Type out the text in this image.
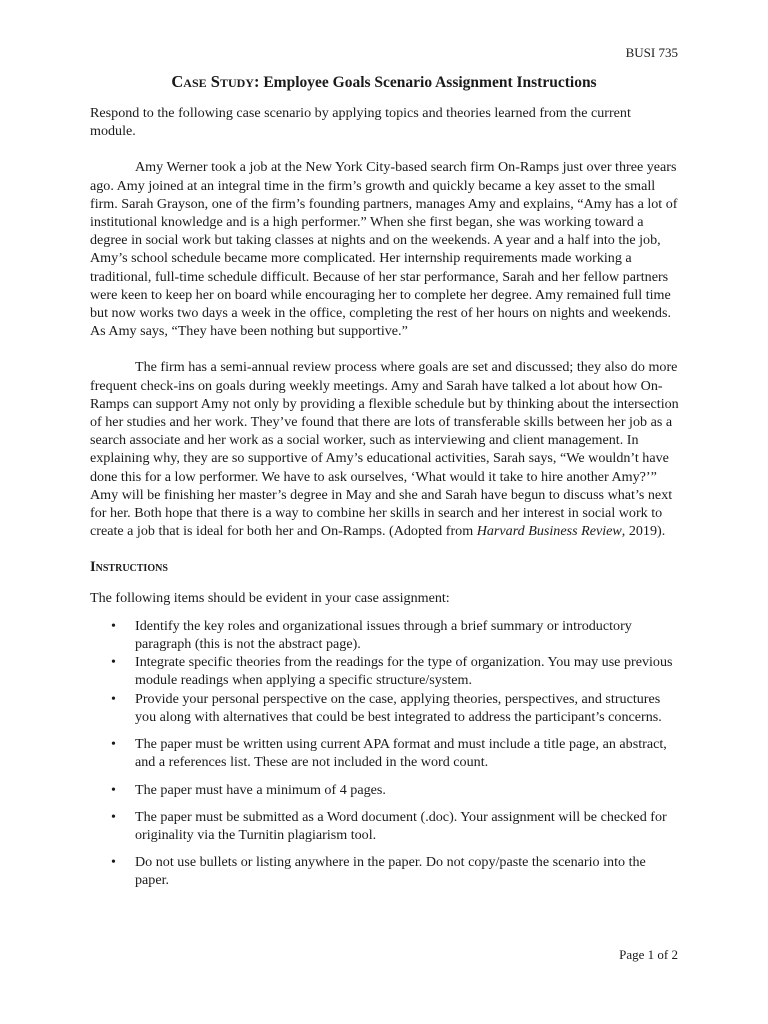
BUSI 735
Case Study: Employee Goals Scenario Assignment Instructions

Respond to the following case scenario by applying topics and theories learned from the current module.

Amy Werner took a job at the New York City-based search firm On-Ramps just over three years ago. Amy joined at an integral time in the firm’s growth and quickly became a key asset to the small firm. Sarah Grayson, one of the firm’s founding partners, manages Amy and explains, “Amy has a lot of institutional knowledge and is a high performer.” When she first began, she was working toward a degree in social work but taking classes at nights and on the weekends. A year and a half into the job, Amy’s school schedule became more complicated. Her internship requirements made working a traditional, full-time schedule difficult. Because of her star performance, Sarah and her fellow partners were keen to keep her on board while encouraging her to complete her degree. Amy remained full time but now works two days a week in the office, completing the rest of her hours on nights and weekends. As Amy says, “They have been nothing but supportive.”

The firm has a semi-annual review process where goals are set and discussed; they also do more frequent check-ins on goals during weekly meetings. Amy and Sarah have talked a lot about how On-Ramps can support Amy not only by providing a flexible schedule but by thinking about the intersection of her studies and her work. They’ve found that there are lots of transferable skills between her job as a search associate and her work as a social worker, such as interviewing and client management. In explaining why, they are so supportive of Amy’s educational activities, Sarah says, “We wouldn’t have done this for a low performer. We have to ask ourselves, ‘What would it take to hire another Amy?’” Amy will be finishing her master’s degree in May and she and Sarah have begun to discuss what’s next for her. Both hope that there is a way to combine her skills in search and her interest in social work to create a job that is ideal for both her and On-Ramps. (Adopted from Harvard Business Review, 2019).

Instructions

The following items should be evident in your case assignment:

• Identify the key roles and organizational issues through a brief summary or introductory paragraph (this is not the abstract page).
• Integrate specific theories from the readings for the type of organization. You may use previous module readings when applying a specific structure/system.
• Provide your personal perspective on the case, applying theories, perspectives, and structures you along with alternatives that could be best integrated to address the participant’s concerns.
• The paper must be written using current APA format and must include a title page, an abstract, and a references list. These are not included in the word count.
• The paper must have a minimum of 4 pages.
• The paper must be submitted as a Word document (.doc). Your assignment will be checked for originality via the Turnitin plagiarism tool.
• Do not use bullets or listing anywhere in the paper. Do not copy/paste the scenario into the paper.
Page 1 of 2
